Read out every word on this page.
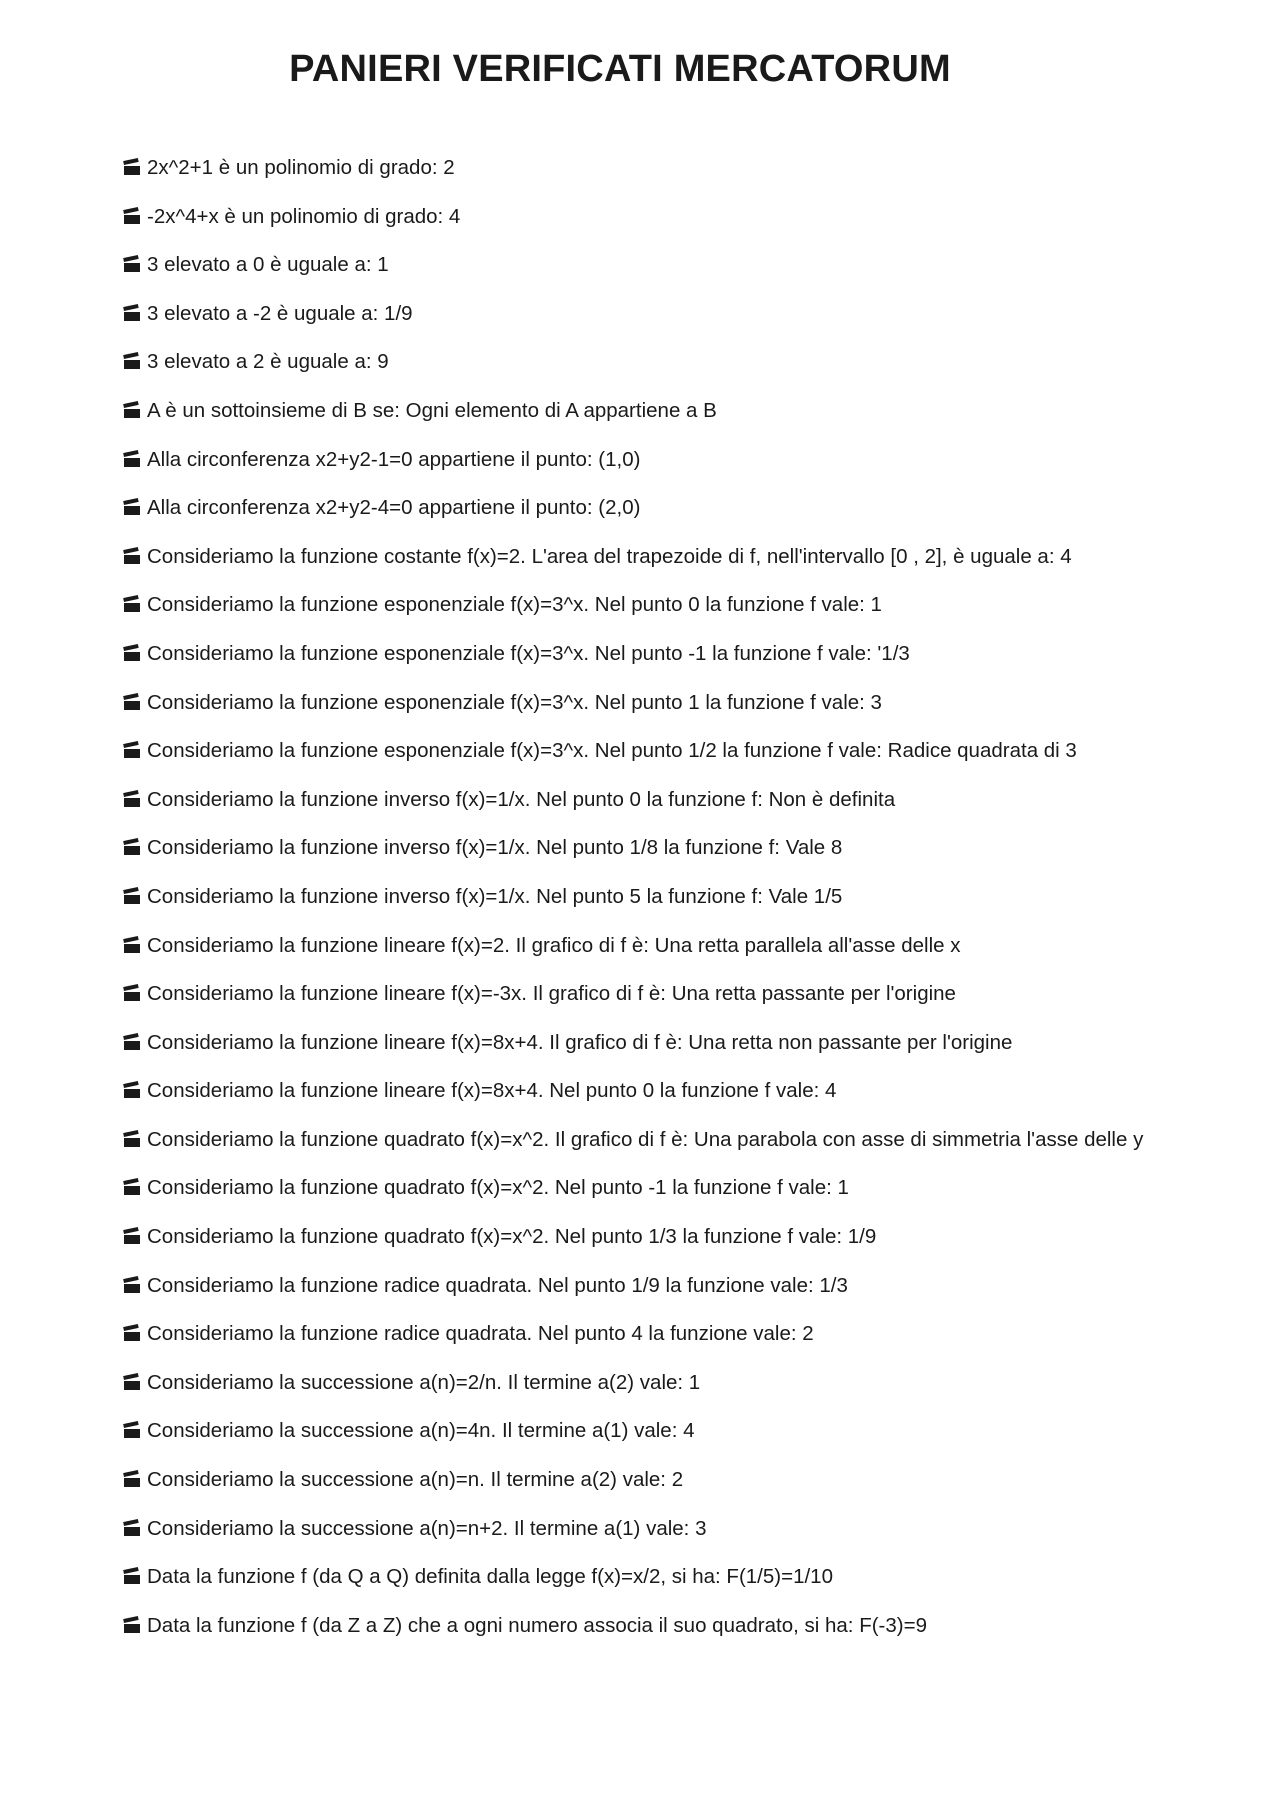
PANIERI VERIFICATI MERCATORUM
2x^2+1 è un polinomio di grado: 2
-2x^4+x è un polinomio di grado: 4
3 elevato a 0 è uguale a: 1
3 elevato a -2 è uguale a: 1/9
3 elevato a 2 è uguale a: 9
A è un sottoinsieme di B se: Ogni elemento di A appartiene a B
Alla circonferenza x2+y2-1=0 appartiene il punto: (1,0)
Alla circonferenza x2+y2-4=0 appartiene il punto: (2,0)
Consideriamo la funzione costante f(x)=2. L'area del trapezoide di f, nell'intervallo [0 , 2], è uguale a: 4
Consideriamo la funzione esponenziale f(x)=3^x. Nel punto 0 la funzione f vale: 1
Consideriamo la funzione esponenziale f(x)=3^x. Nel punto -1 la funzione f vale: '1/3
Consideriamo la funzione esponenziale f(x)=3^x. Nel punto 1 la funzione f vale: 3
Consideriamo la funzione esponenziale f(x)=3^x. Nel punto 1/2 la funzione f vale: Radice quadrata di 3
Consideriamo la funzione inverso f(x)=1/x. Nel punto 0 la funzione f: Non è definita
Consideriamo la funzione inverso f(x)=1/x. Nel punto 1/8 la funzione f: Vale 8
Consideriamo la funzione inverso f(x)=1/x. Nel punto 5 la funzione f: Vale 1/5
Consideriamo la funzione lineare f(x)=2. Il grafico di f è: Una retta parallela all'asse delle x
Consideriamo la funzione lineare f(x)=-3x. Il grafico di f è: Una retta passante per l'origine
Consideriamo la funzione lineare f(x)=8x+4. Il grafico di f è: Una retta non passante per l'origine
Consideriamo la funzione lineare f(x)=8x+4. Nel punto 0 la funzione f vale: 4
Consideriamo la funzione quadrato f(x)=x^2. Il grafico di f è: Una parabola con asse di simmetria l'asse delle y
Consideriamo la funzione quadrato f(x)=x^2. Nel punto -1 la funzione f vale: 1
Consideriamo la funzione quadrato f(x)=x^2. Nel punto 1/3 la funzione f vale: 1/9
Consideriamo la funzione radice quadrata. Nel punto 1/9 la funzione vale: 1/3
Consideriamo la funzione radice quadrata. Nel punto 4 la funzione vale: 2
Consideriamo la successione a(n)=2/n. Il termine a(2) vale: 1
Consideriamo la successione a(n)=4n. Il termine a(1) vale: 4
Consideriamo la successione a(n)=n. Il termine a(2) vale: 2
Consideriamo la successione a(n)=n+2. Il termine a(1) vale: 3
Data la funzione f (da Q a Q) definita dalla legge f(x)=x/2, si ha: F(1/5)=1/10
Data la funzione f (da Z a Z) che a ogni numero associa il suo quadrato, si ha: F(-3)=9
